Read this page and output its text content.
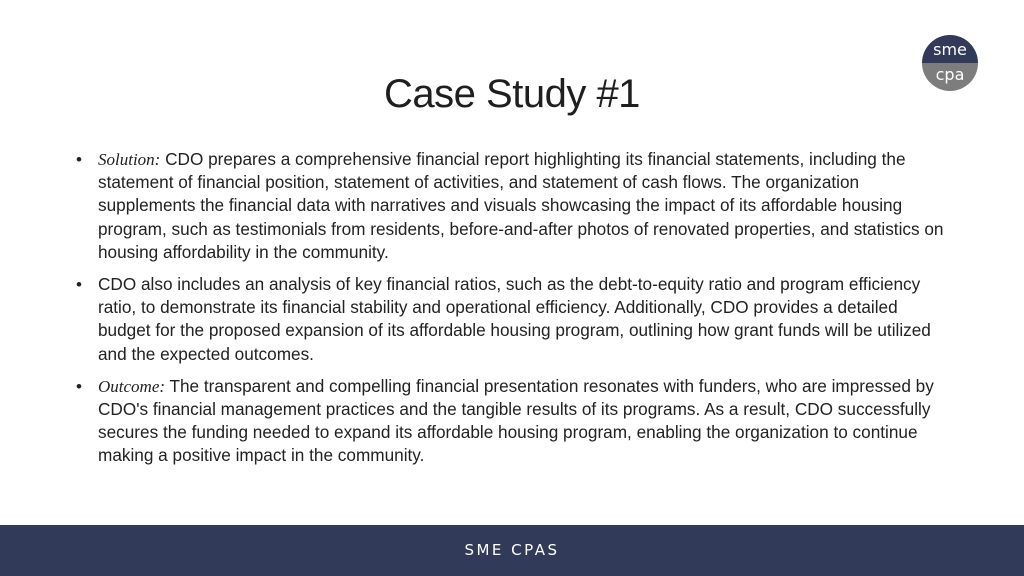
Case Study #1
sme
cpa
• Solution: CDO prepares a comprehensive financial report highlighting its financial statements, including the statement of financial position, statement of activities, and statement of cash flows. The organization supplements the financial data with narratives and visuals showcasing the impact of its affordable housing program, such as testimonials from residents, before-and-after photos of renovated properties, and statistics on housing affordability in the community.
• CDO also includes an analysis of key financial ratios, such as the debt-to-equity ratio and program efficiency ratio, to demonstrate its financial stability and operational efficiency. Additionally, CDO provides a detailed budget for the proposed expansion of its affordable housing program, outlining how grant funds will be utilized and the expected outcomes.
• Outcome: The transparent and compelling financial presentation resonates with funders, who are impressed by CDO's financial management practices and the tangible results of its programs. As a result, CDO successfully secures the funding needed to expand its affordable housing program, enabling the organization to continue making a positive impact in the community.
SME CPAS
